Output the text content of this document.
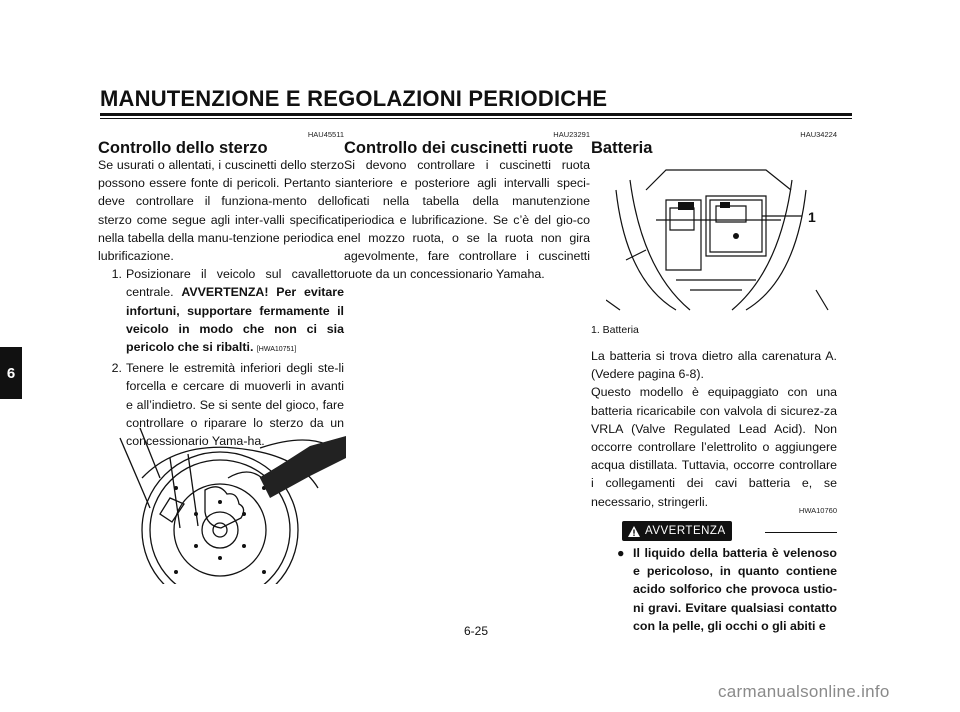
MANUTENZIONE E REGOLAZIONI PERIODICHE
6
HAU45511
Controllo dello sterzo

Se usurati o allentati, i cuscinetti dello sterzo possono essere fonte di pericoli. Pertanto si deve controllare il funziona-mento dello sterzo come segue agli inter-valli specificati nella tabella della manu-tenzione periodica e lubrificazione.

1. Posizionare il veicolo sul cavalletto centrale. AVVERTENZA! Per evitare infortuni, supportare fermamente il veicolo in modo che non ci sia pericolo che si ribalti. [HWA10751]
2. Tenere le estremità inferiori degli ste-li forcella e cercare di muoverli in avanti e all’indietro. Se si sente del gioco, fare controllare o riparare lo sterzo da un concessionario Yama-ha.
HAU23291
Controllo dei cuscinetti ruote
Si devono controllare i cuscinetti ruota anteriore e posteriore agli intervalli speci-ficati nella tabella della manutenzione periodica e lubrificazione. Se c’è del gio-co nel mozzo ruota, o se la ruota non gira agevolmente, fare controllare i cuscinetti ruote da un concessionario Yamaha.
HAU34224
Batteria
1
1. Batteria

La batteria si trova dietro alla carenatura A. (Vedere pagina 6-8).

Questo modello è equipaggiato con una batteria ricaricabile con valvola di sicurez-za VRLA (Valve Regulated Lead Acid). Non occorre controllare l’elettrolito o aggiungere acqua distillata. Tuttavia, occorre controllare i collegamenti dei cavi batteria e, se necessario, stringerli.

HWA10760
AVVERTENZA
● Il liquido della batteria è velenoso e pericoloso, in quanto contiene acido solforico che provoca ustio-ni gravi. Evitare qualsiasi contatto con la pelle, gli occhi o gli abiti e
6-25
carmanualsonline.info
